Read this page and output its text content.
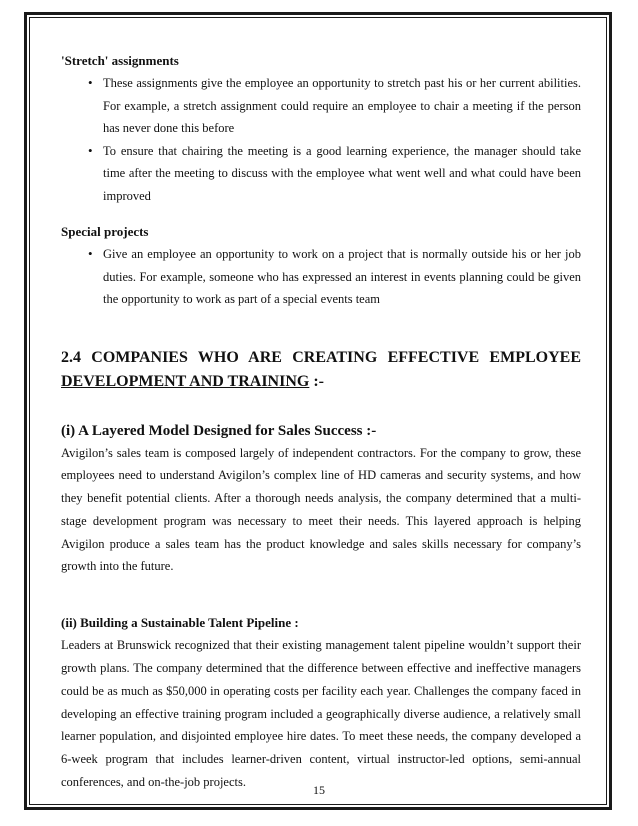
'Stretch' assignments

• These assignments give the employee an opportunity to stretch past his or her current abilities. For example, a stretch assignment could require an employee to chair a meeting if the person has never done this before
• To ensure that chairing the meeting is a good learning experience, the manager should take time after the meeting to discuss with the employee what went well and what could have been improved

Special projects

• Give an employee an opportunity to work on a project that is normally outside his or her job duties. For example, someone who has expressed an interest in events planning could be given the opportunity to work as part of a special events team

2.4 COMPANIES WHO ARE CREATING EFFECTIVE EMPLOYEE

DEVELOPMENT AND TRAINING :-

(i) A Layered Model Designed for Sales Success :-

Avigilon’s sales team is composed largely of independent contractors. For the company to grow, these employees need to understand Avigilon’s complex line of HD cameras and security systems, and how they benefit potential clients. After a thorough needs analysis, the company determined that a multi-stage development program was necessary to meet their needs. This layered approach is helping Avigilon produce a sales team has the product knowledge and sales skills necessary for company’s growth into the future.

(ii) Building a Sustainable Talent Pipeline :

Leaders at Brunswick recognized that their existing management talent pipeline wouldn’t support their growth plans. The company determined that the difference between effective and ineffective managers could be as much as $50,000 in operating costs per facility each year. Challenges the company faced in developing an effective training program included a geographically diverse audience, a relatively small learner population, and disjointed employee hire dates. To meet these needs, the company developed a 6-week program that includes learner-driven content, virtual instructor-led options, semi-annual conferences, and on-the-job projects.

15
